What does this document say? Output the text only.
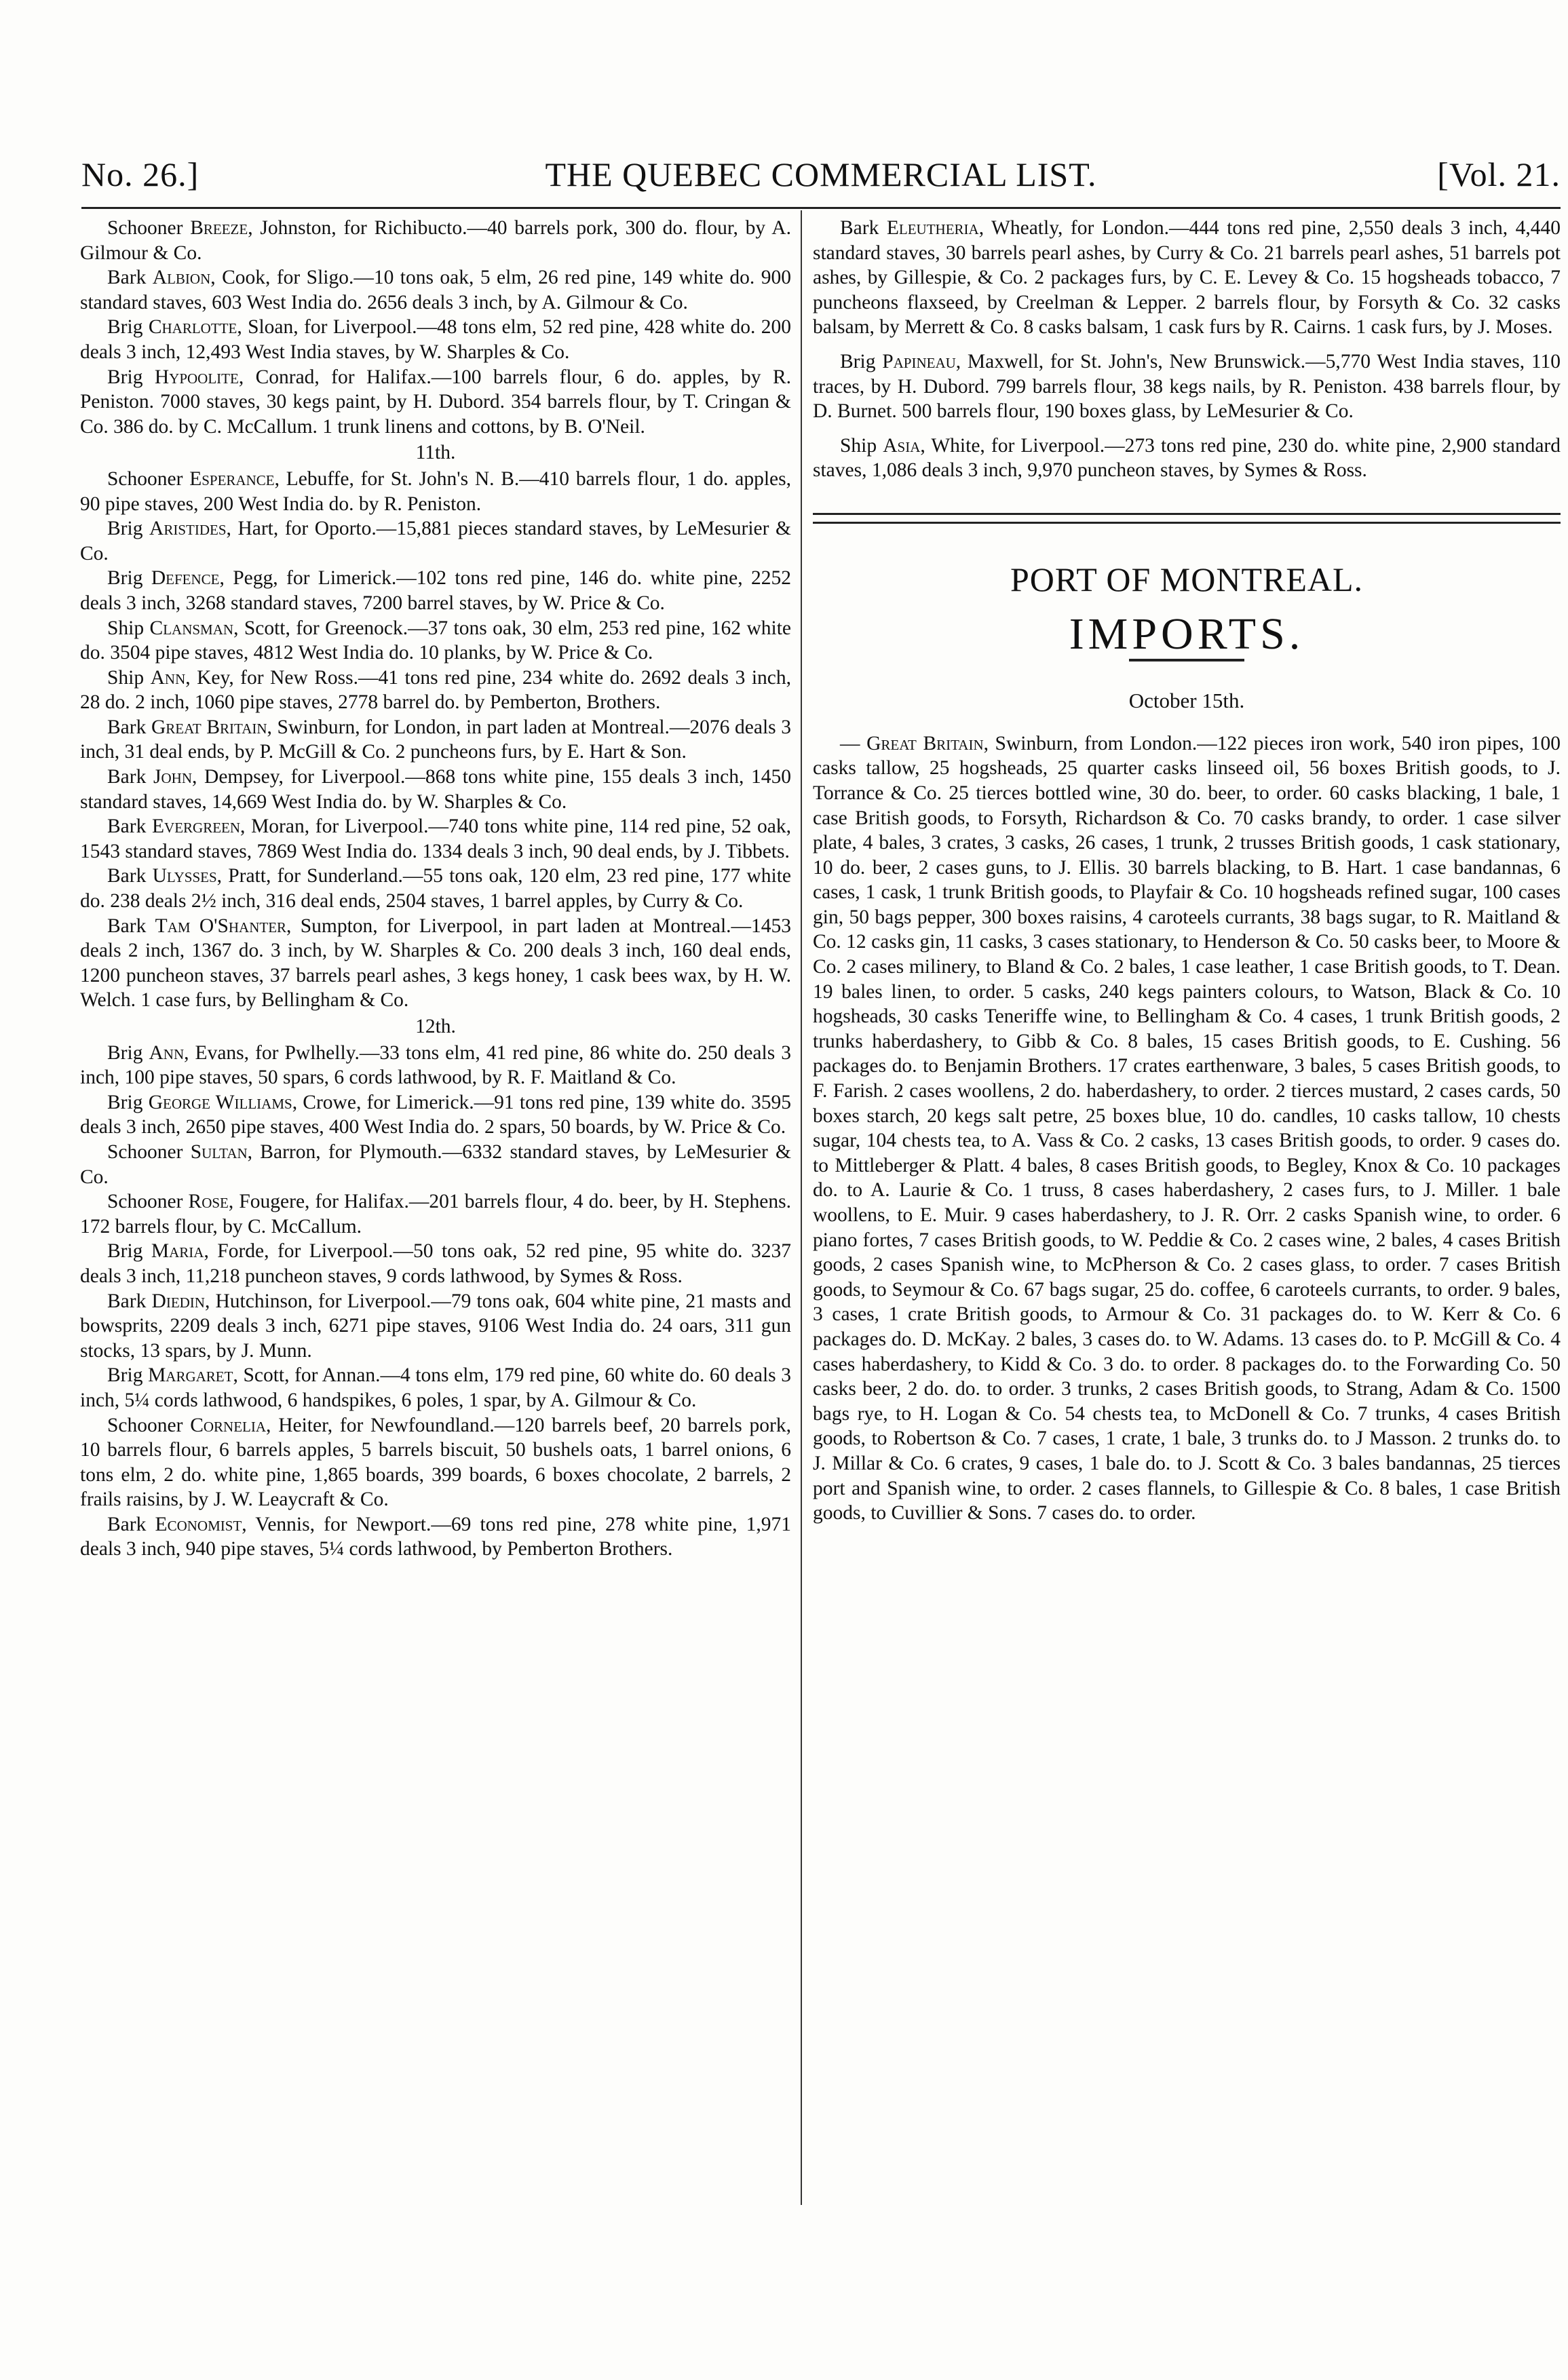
No. 26.]	THE QUEBEC COMMERCIAL LIST.	[Vol. 21.

Schooner Breeze, Johnston, for Richibucto.—40 barrels pork, 300 do. flour, by A. Gilmour & Co.

Bark Albion, Cook, for Sligo.—10 tons oak, 5 elm, 26 red pine, 149 white do. 900 standard staves, 603 West India do. 2656 deals 3 inch, by A. Gilmour & Co.

Brig Charlotte, Sloan, for Liverpool.—48 tons elm, 52 red pine, 428 white do. 200 deals 3 inch, 12,493 West India staves, by W. Sharples & Co.

Brig Hypoolite, Conrad, for Halifax.—100 barrels flour, 6 do. apples, by R. Peniston. 7000 staves, 30 kegs paint, by H. Dubord. 354 barrels flour, by T. Cringan & Co. 386 do. by C. McCallum. 1 trunk linens and cottons, by B. O'Neil.

11th.

Schooner Esperance, Lebuffe, for St. John's N. B.—410 barrels flour, 1 do. apples, 90 pipe staves, 200 West India do. by R. Peniston.

Brig Aristides, Hart, for Oporto.—15,881 pieces standard staves, by LeMesurier & Co.

Brig Defence, Pegg, for Limerick.—102 tons red pine, 146 do. white pine, 2252 deals 3 inch, 3268 standard staves, 7200 barrel staves, by W. Price & Co.

Ship Clansman, Scott, for Greenock.—37 tons oak, 30 elm, 253 red pine, 162 white do. 3504 pipe staves, 4812 West India do. 10 planks, by W. Price & Co.

Ship Ann, Key, for New Ross.—41 tons red pine, 234 white do. 2692 deals 3 inch, 28 do. 2 inch, 1060 pipe staves, 2778 barrel do. by Pemberton, Brothers.

Bark Great Britain, Swinburn, for London, in part laden at Montreal.—2076 deals 3 inch, 31 deal ends, by P. McGill & Co. 2 puncheons furs, by E. Hart & Son.

Bark John, Dempsey, for Liverpool.—868 tons white pine, 155 deals 3 inch, 1450 standard staves, 14,669 West India do. by W. Sharples & Co.

Bark Evergreen, Moran, for Liverpool.—740 tons white pine, 114 red pine, 52 oak, 1543 standard staves, 7869 West India do. 1334 deals 3 inch, 90 deal ends, by J. Tibbets.

Bark Ulysses, Pratt, for Sunderland.—55 tons oak, 120 elm, 23 red pine, 177 white do. 238 deals 2½ inch, 316 deal ends, 2504 staves, 1 barrel apples, by Curry & Co.

Bark Tam O'Shanter, Sumpton, for Liverpool, in part laden at Montreal.—1453 deals 2 inch, 1367 do. 3 inch, by W. Sharples & Co. 200 deals 3 inch, 160 deal ends, 1200 puncheon staves, 37 barrels pearl ashes, 3 kegs honey, 1 cask bees wax, by H. W. Welch. 1 case furs, by Bellingham & Co.

12th.

Brig Ann, Evans, for Pwlhelly.—33 tons elm, 41 red pine, 86 white do. 250 deals 3 inch, 100 pipe staves, 50 spars, 6 cords lathwood, by R. F. Maitland & Co.

Brig George Williams, Crowe, for Limerick.—91 tons red pine, 139 white do. 3595 deals 3 inch, 2650 pipe staves, 400 West India do. 2 spars, 50 boards, by W. Price & Co.

Schooner Sultan, Barron, for Plymouth.—6332 standard staves, by LeMesurier & Co.

Schooner Rose, Fougere, for Halifax.—201 barrels flour, 4 do. beer, by H. Stephens. 172 barrels flour, by C. McCallum.

Brig Maria, Forde, for Liverpool.—50 tons oak, 52 red pine, 95 white do. 3237 deals 3 inch, 11,218 puncheon staves, 9 cords lathwood, by Symes & Ross.

Bark Diedin, Hutchinson, for Liverpool.—79 tons oak, 604 white pine, 21 masts and bowsprits, 2209 deals 3 inch, 6271 pipe staves, 9106 West India do. 24 oars, 311 gun stocks, 13 spars, by J. Munn.

Brig Margaret, Scott, for Annan.—4 tons elm, 179 red pine, 60 white do. 60 deals 3 inch, 5¼ cords lathwood, 6 handspikes, 6 poles, 1 spar, by A. Gilmour & Co.

Schooner Cornelia, Heiter, for Newfoundland.—120 barrels beef, 20 barrels pork, 10 barrels flour, 6 barrels apples, 5 barrels biscuit, 50 bushels oats, 1 barrel onions, 6 tons elm, 2 do. white pine, 1,865 boards, 399 boards, 6 boxes chocolate, 2 barrels, 2 frails raisins, by J. W. Leaycraft & Co.

Bark Economist, Vennis, for Newport.—69 tons red pine, 278 white pine, 1,971 deals 3 inch, 940 pipe staves, 5¼ cords lathwood, by Pemberton Brothers.

Bark Eleutheria, Wheatly, for London.—444 tons red pine, 2,550 deals 3 inch, 4,440 standard staves, 30 barrels pearl ashes, by Curry & Co. 21 barrels pearl ashes, 51 barrels pot ashes, by Gillespie, & Co. 2 packages furs, by C. E. Levey & Co. 15 hogsheads tobacco, 7 puncheons flaxseed, by Creelman & Lepper. 2 barrels flour, by Forsyth & Co. 32 casks balsam, by Merrett & Co. 8 casks balsam, 1 cask furs by R. Cairns. 1 cask furs, by J. Moses.

Brig Papineau, Maxwell, for St. John's, New Brunswick.—5,770 West India staves, 110 traces, by H. Dubord. 799 barrels flour, 38 kegs nails, by R. Peniston. 438 barrels flour, by D. Burnet. 500 barrels flour, 190 boxes glass, by LeMesurier & Co.

Ship Asia, White, for Liverpool.—273 tons red pine, 230 do. white pine, 2,900 standard staves, 1,086 deals 3 inch, 9,970 puncheon staves, by Symes & Ross.

PORT OF MONTREAL.
IMPORTS.
October 15th.

— Great Britain, Swinburn, from London.—122 pieces iron work, 540 iron pipes, 100 casks tallow, 25 hogsheads, 25 quarter casks linseed oil, 56 boxes British goods, to J. Torrance & Co. 25 tierces bottled wine, 30 do. beer, to order. 60 casks blacking, 1 bale, 1 case British goods, to Forsyth, Richardson & Co. 70 casks brandy, to order. 1 case silver plate, 4 bales, 3 crates, 3 casks, 26 cases, 1 trunk, 2 trusses British goods, 1 cask stationary, 10 do. beer, 2 cases guns, to J. Ellis. 30 barrels blacking, to B. Hart. 1 case bandannas, 6 cases, 1 cask, 1 trunk British goods, to Playfair & Co. 10 hogsheads refined sugar, 100 cases gin, 50 bags pepper, 300 boxes raisins, 4 caroteels currants, 38 bags sugar, to R. Maitland & Co. 12 casks gin, 11 casks, 3 cases stationary, to Henderson & Co. 50 casks beer, to Moore & Co. 2 cases milinery, to Bland & Co. 2 bales, 1 case leather, 1 case British goods, to T. Dean. 19 bales linen, to order. 5 casks, 240 kegs painters colours, to Watson, Black & Co. 10 hogsheads, 30 casks Teneriffe wine, to Bellingham & Co. 4 cases, 1 trunk British goods, 2 trunks haberdashery, to Gibb & Co. 8 bales, 15 cases British goods, to E. Cushing. 56 packages do. to Benjamin Brothers. 17 crates earthenware, 3 bales, 5 cases British goods, to F. Farish. 2 cases woollens, 2 do. haberdashery, to order. 2 tierces mustard, 2 cases cards, 50 boxes starch, 20 kegs salt petre, 25 boxes blue, 10 do. candles, 10 casks tallow, 10 chests sugar, 104 chests tea, to A. Vass & Co. 2 casks, 13 cases British goods, to order. 9 cases do. to Mittleberger & Platt. 4 bales, 8 cases British goods, to Begley, Knox & Co. 10 packages do. to A. Laurie & Co. 1 truss, 8 cases haberdashery, 2 cases furs, to J. Miller. 1 bale woollens, to E. Muir. 9 cases haberdashery, to J. R. Orr. 2 casks Spanish wine, to order. 6 piano fortes, 7 cases British goods, to W. Peddie & Co. 2 cases wine, 2 bales, 4 cases British goods, 2 cases Spanish wine, to McPherson & Co. 2 cases glass, to order. 7 cases British goods, to Seymour & Co. 67 bags sugar, 25 do. coffee, 6 caroteels currants, to order. 9 bales, 3 cases, 1 crate British goods, to Armour & Co. 31 packages do. to W. Kerr & Co. 6 packages do. D. McKay. 2 bales, 3 cases do. to W. Adams. 13 cases do. to P. McGill & Co. 4 cases haberdashery, to Kidd & Co. 3 do. to order. 8 packages do. to the Forwarding Co. 50 casks beer, 2 do. do. to order. 3 trunks, 2 cases British goods, to Strang, Adam & Co. 1500 bags rye, to H. Logan & Co. 54 chests tea, to McDonell & Co. 7 trunks, 4 cases British goods, to Robertson & Co. 7 cases, 1 crate, 1 bale, 3 trunks do. to J Masson. 2 trunks do. to J. Millar & Co. 6 crates, 9 cases, 1 bale do. to J. Scott & Co. 3 bales bandannas, 25 tierces port and Spanish wine, to order. 2 cases flannels, to Gillespie & Co. 8 bales, 1 case British goods, to Cuvillier & Sons. 7 cases do. to order.
